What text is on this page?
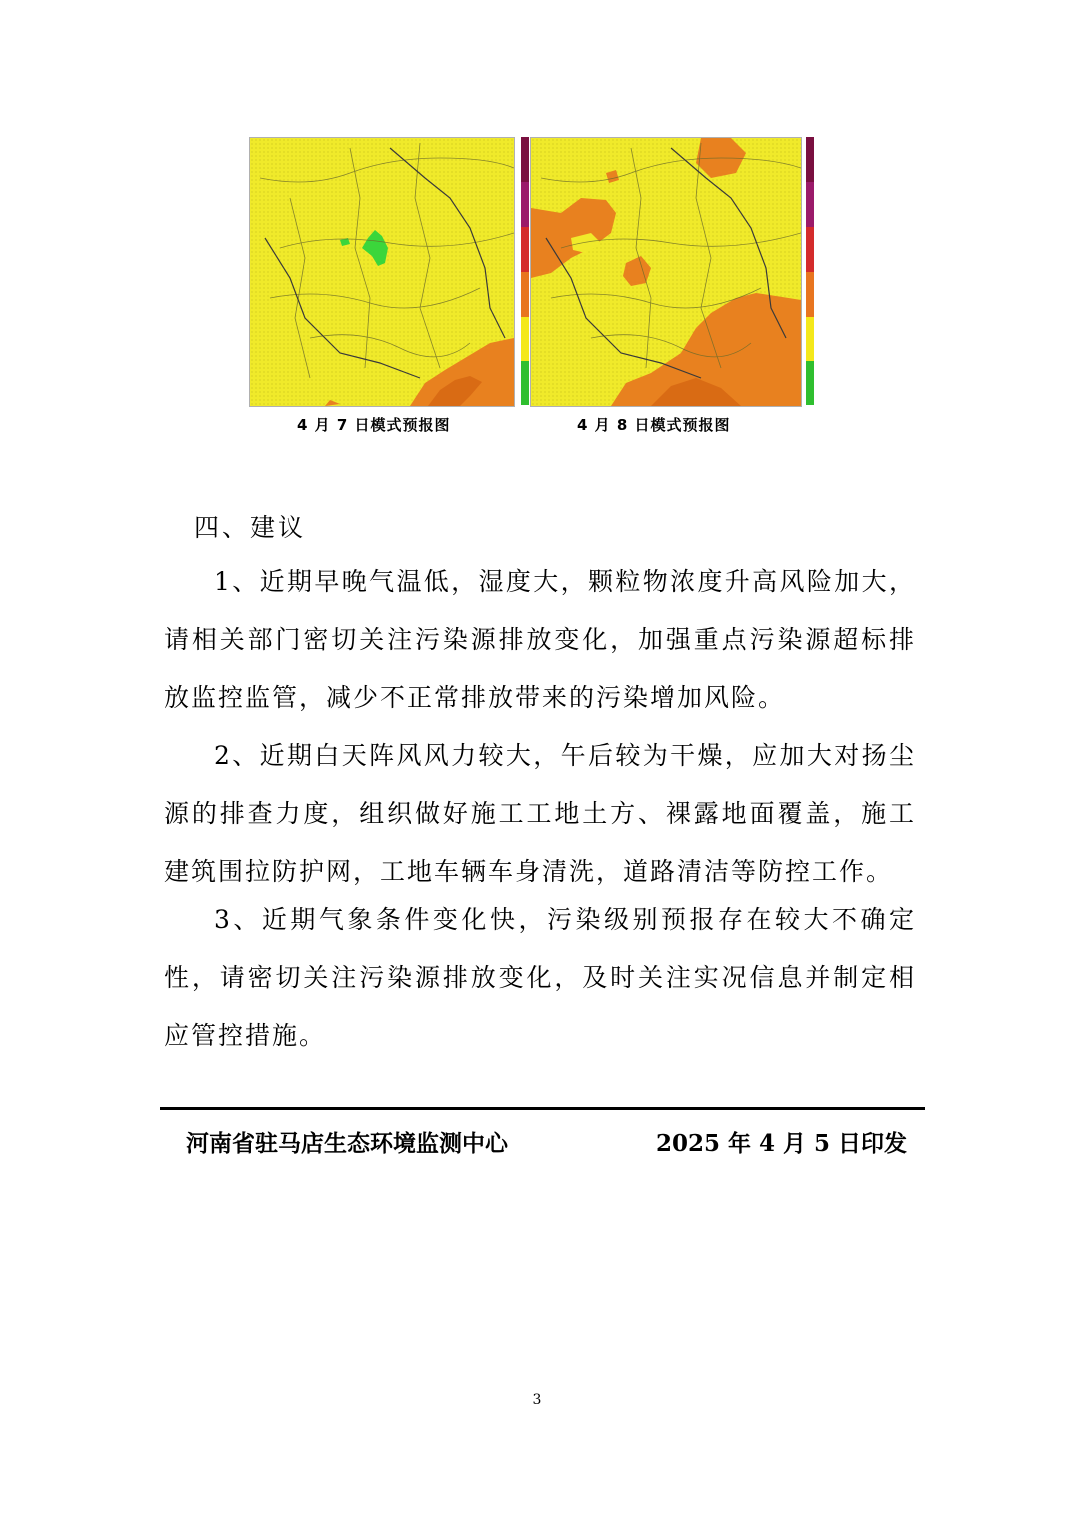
4 月 7 日模式预报图	4 月 8 日模式预报图
四、建议
1、近期早晚气温低，湿度大，颗粒物浓度升高风险加大，请相关部门密切关注污染源排放变化，加强重点污染源超标排放监控监管，减少不正常排放带来的污染增加风险。
2、近期白天阵风风力较大，午后较为干燥，应加大对扬尘源的排查力度，组织做好施工工地土方、裸露地面覆盖，施工建筑围拉防护网，工地车辆车身清洗，道路清洁等防控工作。
3、近期气象条件变化快，污染级别预报存在较大不确定性，请密切关注污染源排放变化，及时关注实况信息并制定相应管控措施。
河南省驻马店生态环境监测中心	2025 年 4 月 5 日印发
3
